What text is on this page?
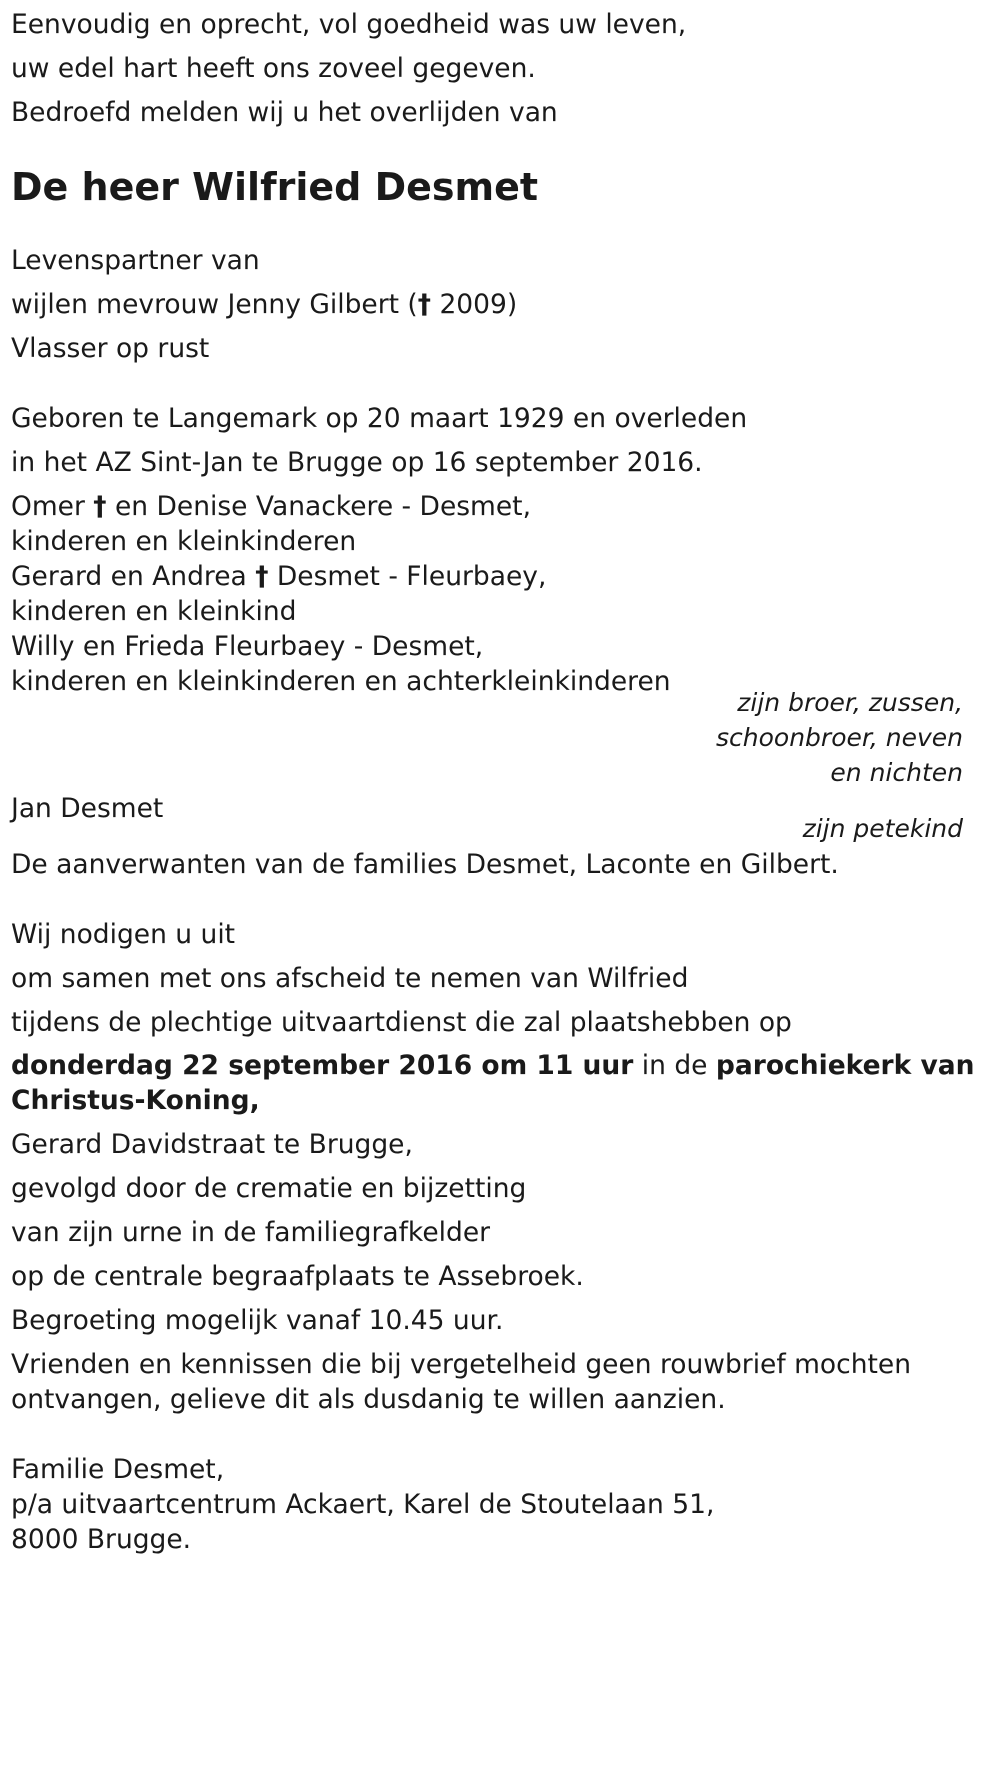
Eenvoudig en oprecht, vol goedheid was uw leven,
uw edel hart heeft ons zoveel gegeven.
Bedroefd melden wij u het overlijden van
De heer Wilfried Desmet
Levenspartner van
wijlen mevrouw Jenny Gilbert († 2009)
Vlasser op rust
Geboren te Langemark op 20 maart 1929 en overleden
in het AZ Sint-Jan te Brugge op 16 september 2016.
Omer † en Denise Vanackere - Desmet,
kinderen en kleinkinderen
Gerard en Andrea † Desmet - Fleurbaey,
kinderen en kleinkind
Willy en Frieda Fleurbaey - Desmet,
kinderen en kleinkinderen en achterkleinkinderen
zijn broer, zussen,
schoonbroer, neven
en nichten
Jan Desmet
zijn petekind
De aanverwanten van de families Desmet, Laconte en Gilbert.
Wij nodigen u uit
om samen met ons afscheid te nemen van Wilfried
tijdens de plechtige uitvaartdienst die zal plaatshebben op
donderdag 22 september 2016 om 11 uur in de parochiekerk van
Christus-Koning,
Gerard Davidstraat te Brugge,
gevolgd door de crematie en bijzetting
van zijn urne in de familiegrafkelder
op de centrale begraafplaats te Assebroek.
Begroeting mogelijk vanaf 10.45 uur.
Vrienden en kennissen die bij vergetelheid geen rouwbrief mochten
ontvangen, gelieve dit als dusdanig te willen aanzien.
Familie Desmet,
p/a uitvaartcentrum Ackaert, Karel de Stoutelaan 51,
8000 Brugge.
